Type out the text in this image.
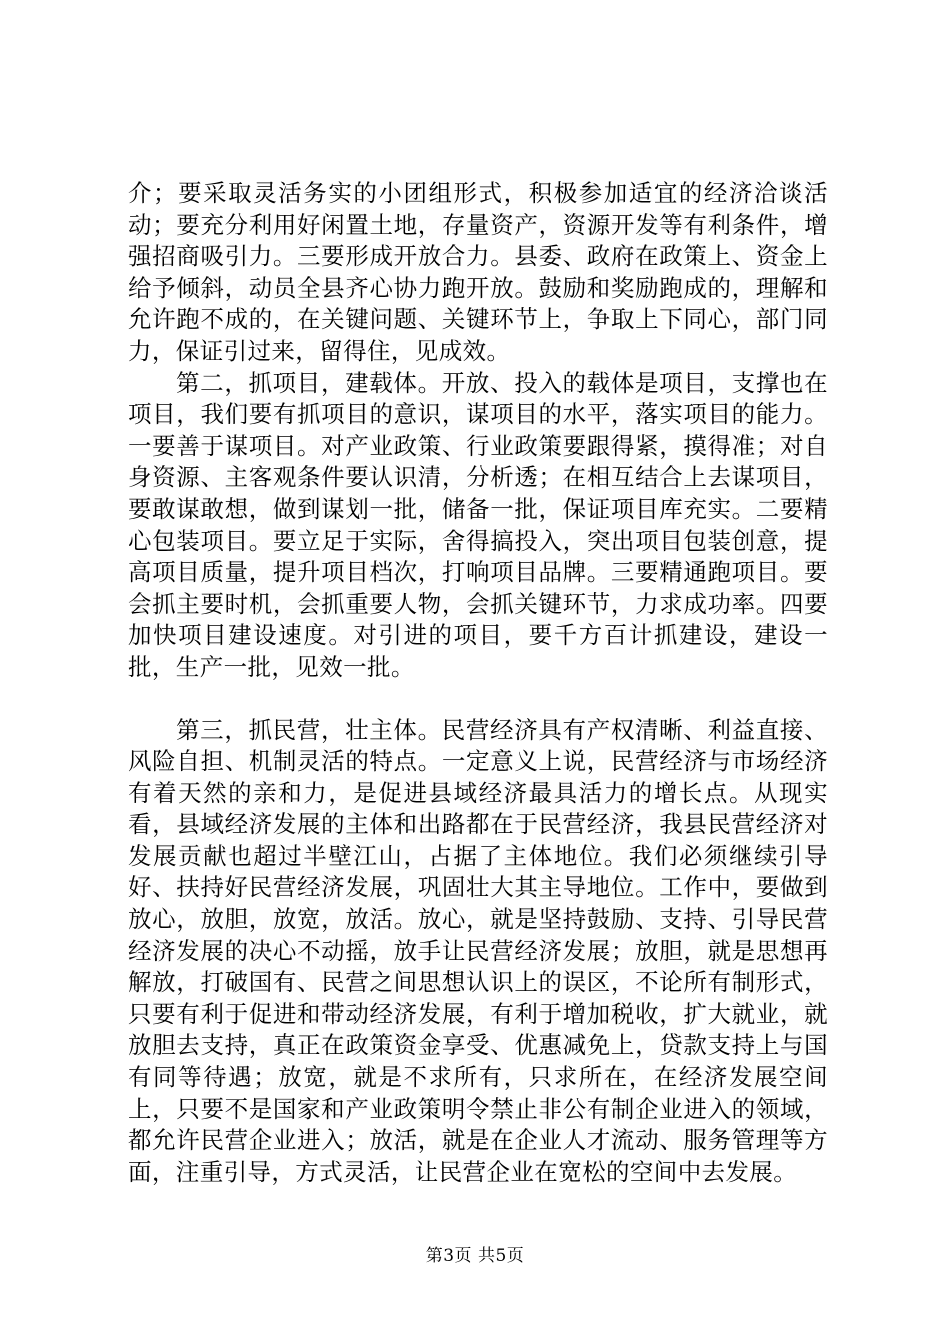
介；要采取灵活务实的小团组形式，积极参加适宜的经济洽谈活动；要充分利用好闲置土地，存量资产，资源开发等有利条件，增强招商吸引力。三要形成开放合力。县委、政府在政策上、资金上给予倾斜，动员全县齐心协力跑开放。鼓励和奖励跑成的，理解和允许跑不成的，在关键问题、关键环节上，争取上下同心，部门同力，保证引过来，留得住，见成效。

第二，抓项目，建载体。开放、投入的载体是项目，支撑也在项目，我们要有抓项目的意识，谋项目的水平，落实项目的能力。一要善于谋项目。对产业政策、行业政策要跟得紧，摸得准；对自身资源、主客观条件要认识清，分析透；在相互结合上去谋项目，要敢谋敢想，做到谋划一批，储备一批，保证项目库充实。二要精心包装项目。要立足于实际，舍得搞投入，突出项目包装创意，提高项目质量，提升项目档次，打响项目品牌。三要精通跑项目。要会抓主要时机，会抓重要人物，会抓关键环节，力求成功率。四要加快项目建设速度。对引进的项目，要千方百计抓建设，建设一批，生产一批，见效一批。

第三，抓民营，壮主体。民营经济具有产权清晰、利益直接、风险自担、机制灵活的特点。一定意义上说，民营经济与市场经济有着天然的亲和力，是促进县域经济最具活力的增长点。从现实看，县域经济发展的主体和出路都在于民营经济，我县民营经济对发展贡献也超过半壁江山，占据了主体地位。我们必须继续引导好、扶持好民营经济发展，巩固壮大其主导地位。工作中，要做到放心，放胆，放宽，放活。放心，就是坚持鼓励、支持、引导民营经济发展的决心不动摇，放手让民营经济发展；放胆，就是思想再解放，打破国有、民营之间思想认识上的误区，不论所有制形式，只要有利于促进和带动经济发展，有利于增加税收，扩大就业，就放胆去支持，真正在政策资金享受、优惠减免上，贷款支持上与国有同等待遇；放宽，就是不求所有，只求所在，在经济发展空间上，只要不是国家和产业政策明令禁止非公有制企业进入的领域，都允许民营企业进入；放活，就是在企业人才流动、服务管理等方面，注重引导，方式灵活，让民营企业在宽松的空间中去发展。

第3页 共5页
